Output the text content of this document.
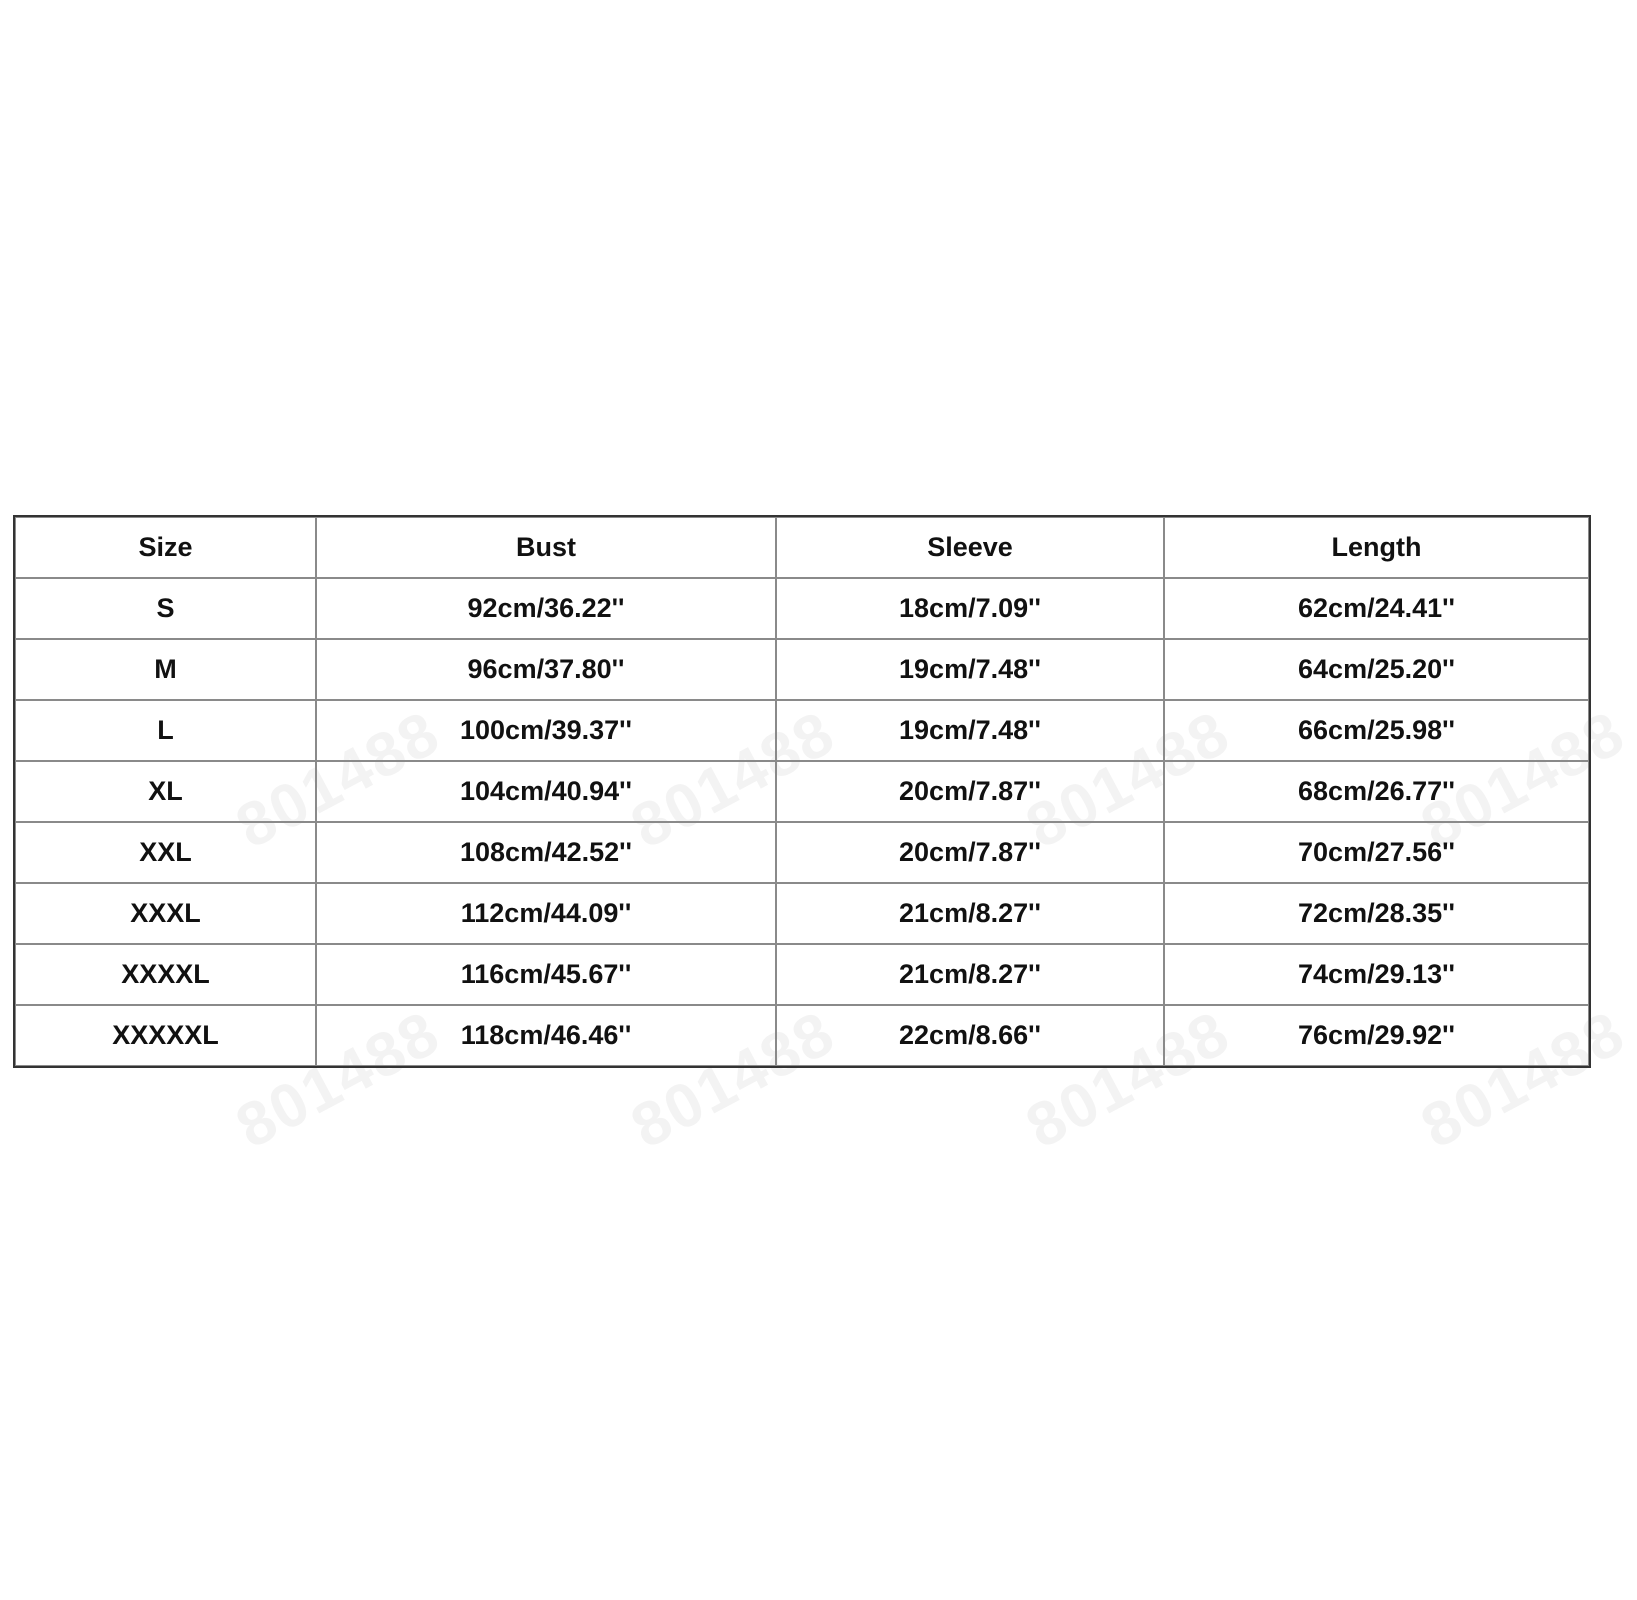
801488	801488	801488	801488
801488	801488	801488	801488
Size	Bust	Sleeve	Length
S	92cm/36.22''	18cm/7.09''	62cm/24.41''
M	96cm/37.80''	19cm/7.48''	64cm/25.20''
L	100cm/39.37''	19cm/7.48''	66cm/25.98''
XL	104cm/40.94''	20cm/7.87''	68cm/26.77''
XXL	108cm/42.52''	20cm/7.87''	70cm/27.56''
XXXL	112cm/44.09''	21cm/8.27''	72cm/28.35''
XXXXL	116cm/45.67''	21cm/8.27''	74cm/29.13''
XXXXXL	118cm/46.46''	22cm/8.66''	76cm/29.92''
